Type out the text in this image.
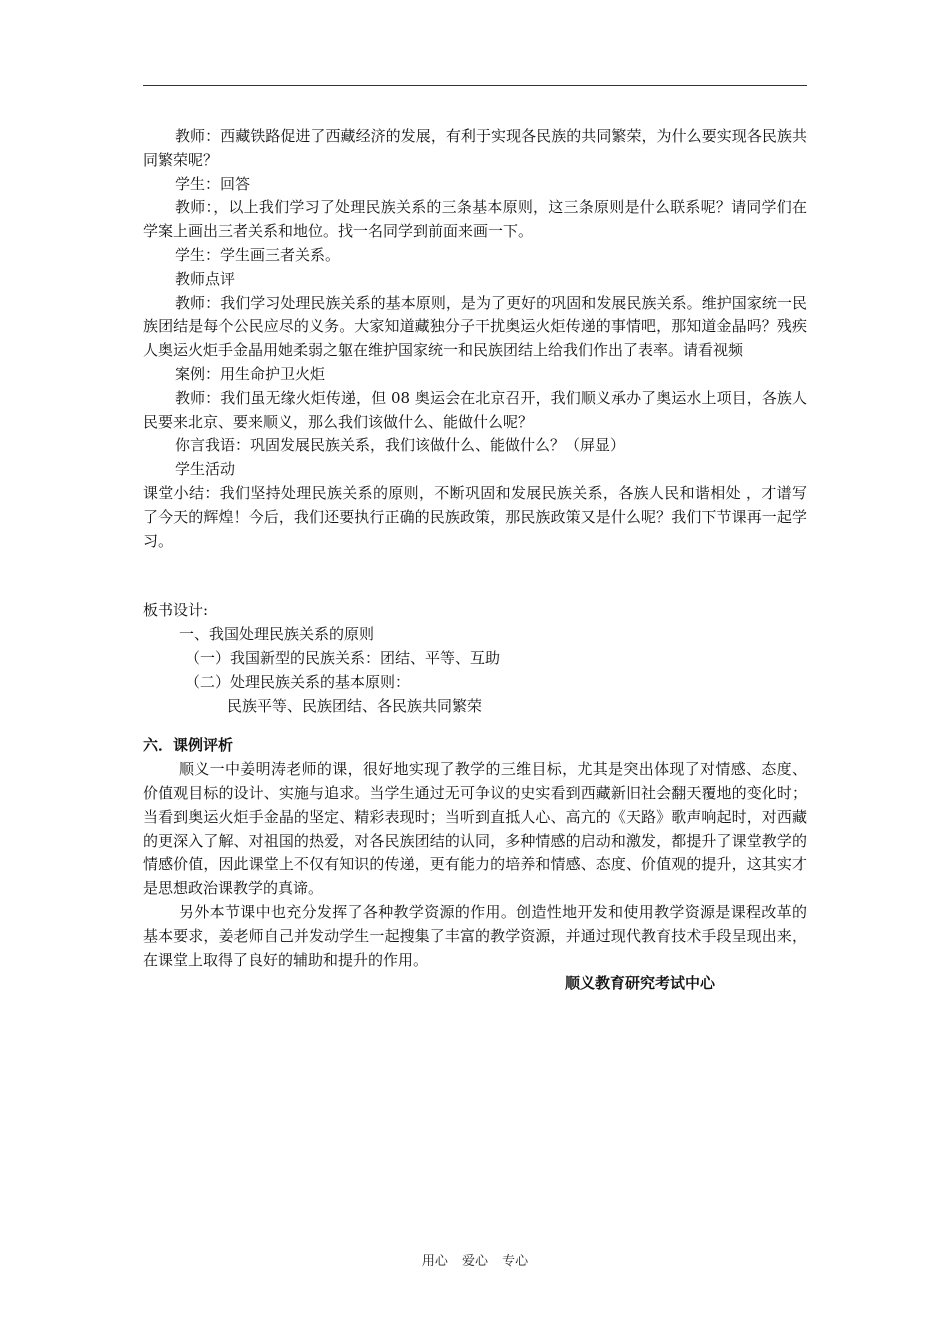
教师：西藏铁路促进了西藏经济的发展，有利于实现各民族的共同繁荣，为什么要实现各民族共同繁荣呢？

学生：回答

教师：，以上我们学习了处理民族关系的三条基本原则，这三条原则是什么联系呢？请同学们在学案上画出三者关系和地位。找一名同学到前面来画一下。

学生：学生画三者关系。

教师点评

教师：我们学习处理民族关系的基本原则，是为了更好的巩固和发展民族关系。维护国家统一民族团结是每个公民应尽的义务。大家知道藏独分子干扰奥运火炬传递的事情吧，那知道金晶吗？残疾人奥运火炬手金晶用她柔弱之躯在维护国家统一和民族团结上给我们作出了表率。请看视频

案例：用生命护卫火炬

教师：我们虽无缘火炬传递，但 08 奥运会在北京召开，我们顺义承办了奥运水上项目，各族人民要来北京、要来顺义，那么我们该做什么、能做什么呢？

你言我语：巩固发展民族关系，我们该做什么、能做什么？（屏显）

学生活动

课堂小结：我们坚持处理民族关系的原则，不断巩固和发展民族关系，各族人民和谐相处 ，才谱写了今天的辉煌！今后，我们还要执行正确的民族政策，那民族政策又是什么呢？我们下节课再一起学习。

板书设计:

一、我国处理民族关系的原则

（一）我国新型的民族关系：团结、平等、互助

（二）处理民族关系的基本原则：

民族平等、民族团结、各民族共同繁荣

六．课例评析

顺义一中姜明涛老师的课，很好地实现了教学的三维目标，尤其是突出体现了对情感、态度、价值观目标的设计、实施与追求。当学生通过无可争议的史实看到西藏新旧社会翻天覆地的变化时；当看到奥运火炬手金晶的坚定、精彩表现时；当听到直抵人心、高亢的《天路》歌声响起时，对西藏的更深入了解、对祖国的热爱，对各民族团结的认同，多种情感的启动和激发，都提升了课堂教学的情感价值，因此课堂上不仅有知识的传递，更有能力的培养和情感、态度、价值观的提升，这其实才是思想政治课教学的真谛。

另外本节课中也充分发挥了各种教学资源的作用。创造性地开发和使用教学资源是课程改革的基本要求，姜老师自己并发动学生一起搜集了丰富的教学资源，并通过现代教育技术手段呈现出来，在课堂上取得了良好的辅助和提升的作用。

顺义教育研究考试中心

用心 爱心 专心
